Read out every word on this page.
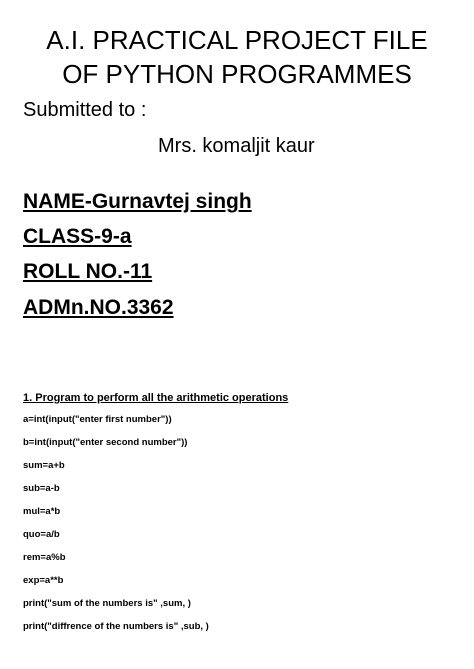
A.I. PRACTICAL PROJECT FILE
OF PYTHON PROGRAMMES
Submitted to :
Mrs. komaljit kaur
NAME-Gurnavtej singh
CLASS-9-a
ROLL NO.-11
ADMn.NO.3362
1. Program to perform all the arithmetic operations
a=int(input("enter first number"))
b=int(input("enter second number"))
sum=a+b
sub=a-b
mul=a*b
quo=a/b
rem=a%b
exp=a**b
print("sum of the numbers is" ,sum, )
print("diffrence of the numbers is" ,sub, )
